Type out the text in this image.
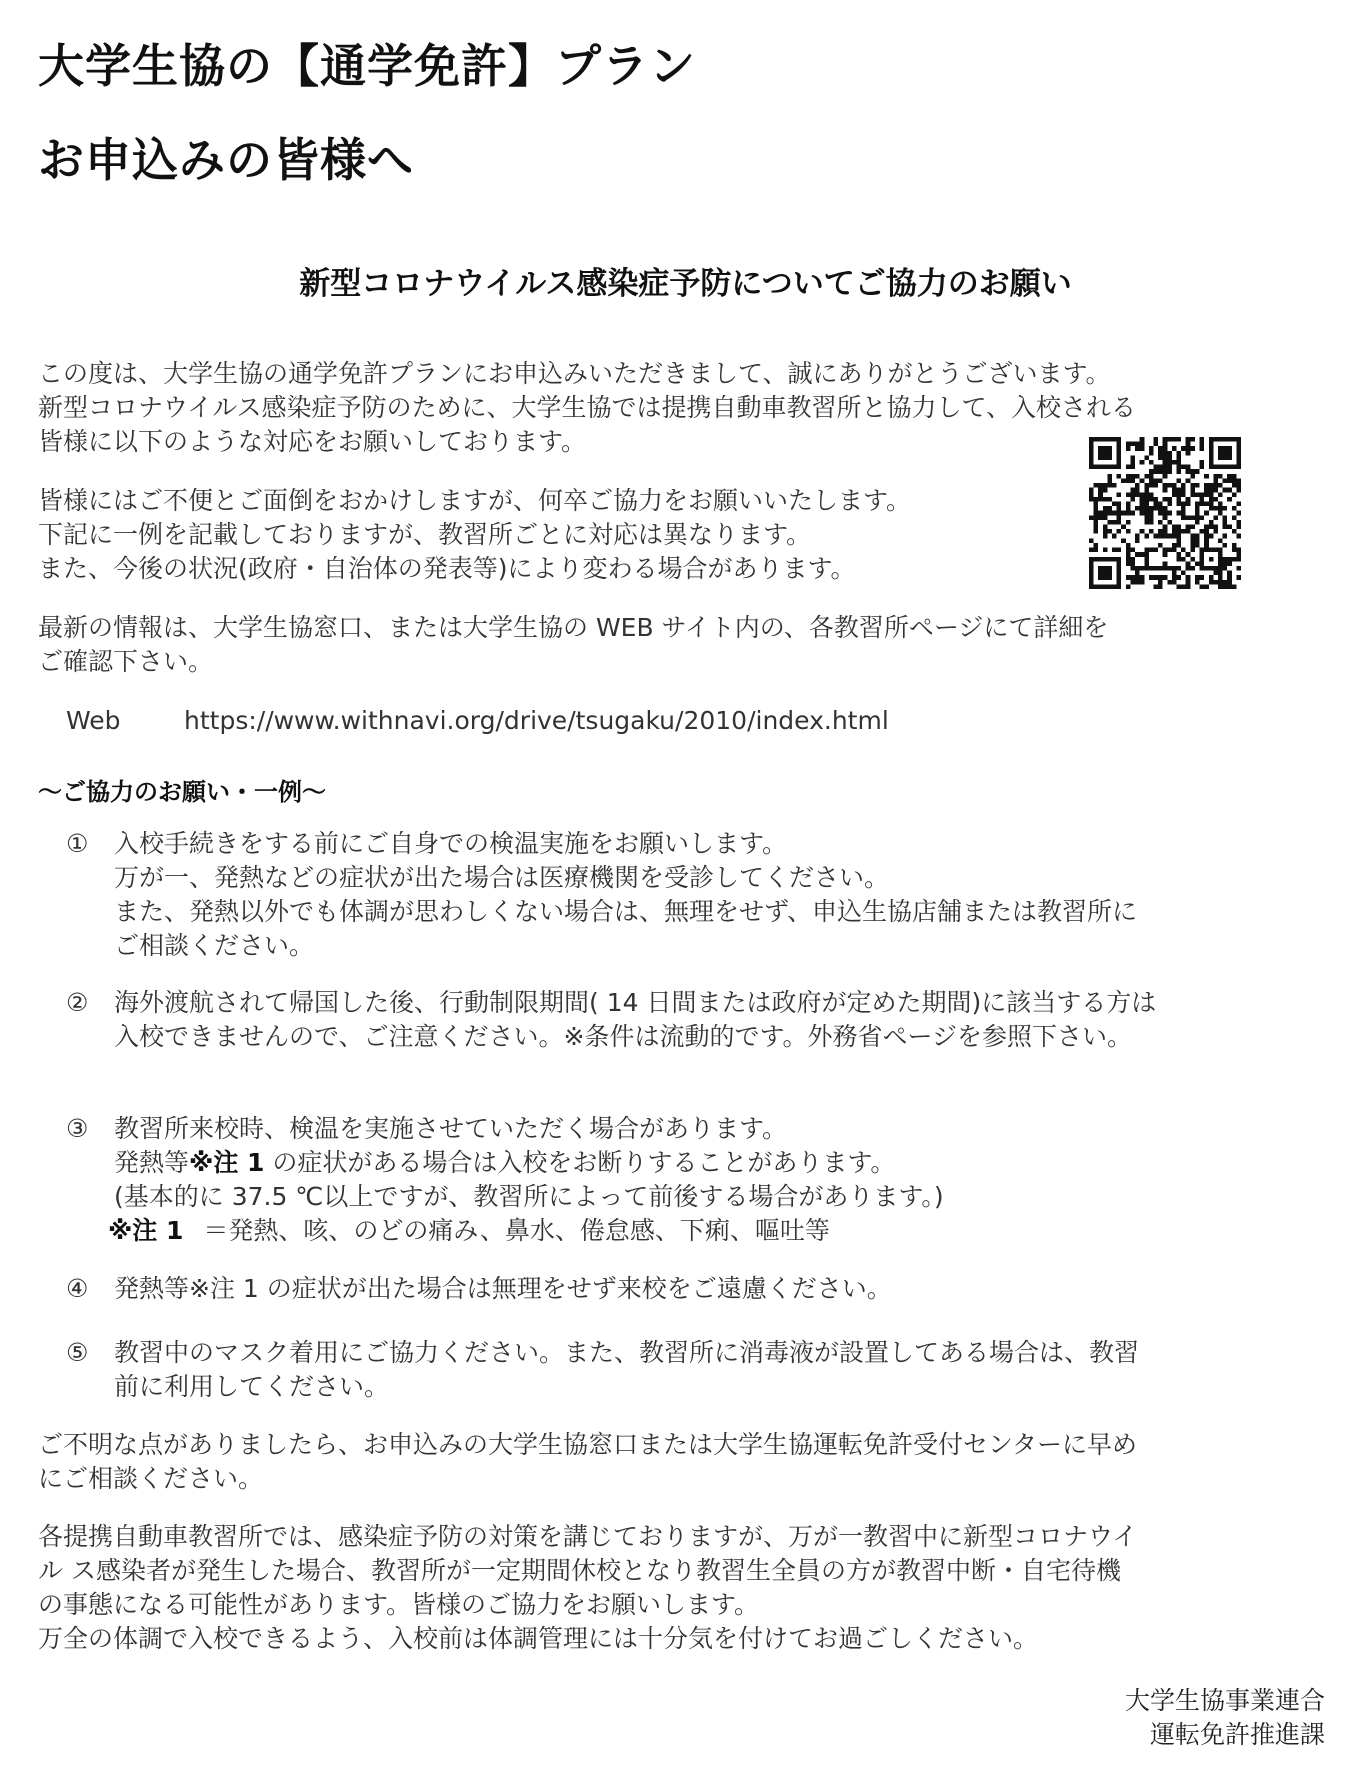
大学生協の【通学免許】プラン
お申込みの皆様へ
新型コロナウイルス感染症予防についてご協力のお願い
この度は、大学生協の通学免許プランにお申込みいただきまして、誠にありがとうございます。
新型コロナウイルス感染症予防のために、大学生協では提携自動車教習所と協力して、入校される
皆様に以下のような対応をお願いしております。
皆様にはご不便とご面倒をおかけしますが、何卒ご協力をお願いいたします。
下記に一例を記載しておりますが、教習所ごとに対応は異なります。
また、今後の状況(政府・自治体の発表等)により変わる場合があります。
最新の情報は、大学生協窓口、または大学生協の WEB サイト内の、各教習所ページにて詳細を
ご確認下さい。
Web	https://www.withnavi.org/drive/tsugaku/2010/index.html
～ご協力のお願い・一例～
①	入校手続きをする前にご自身での検温実施をお願いします。
万が一、発熱などの症状が出た場合は医療機関を受診してください。
また、発熱以外でも体調が思わしくない場合は、無理をせず、申込生協店舗または教習所に
ご相談ください。
②	海外渡航されて帰国した後、行動制限期間( 14 日間または政府が定めた期間)に該当する方は
入校できませんので、ご注意ください。※条件は流動的です。外務省ページを参照下さい。
③	教習所来校時、検温を実施させていただく場合があります。
発熱等※注 1 の症状がある場合は入校をお断りすることがあります。
(基本的に 37.5 ℃以上ですが、教習所によって前後する場合があります。)
※注 1 ＝発熱、咳、のどの痛み、鼻水、倦怠感、下痢、嘔吐等
④	発熱等※注 1 の症状が出た場合は無理をせず来校をご遠慮ください。
⑤	教習中のマスク着用にご協力ください。また、教習所に消毒液が設置してある場合は、教習
前に利用してください。
ご不明な点がありましたら、お申込みの大学生協窓口または大学生協運転免許受付センターに早め
にご相談ください。
各提携自動車教習所では、感染症予防の対策を講じておりますが、万が一教習中に新型コロナウイ
ル ス感染者が発生した場合、教習所が一定期間休校となり教習生全員の方が教習中断・自宅待機
の事態になる可能性があります。皆様のご協力をお願いします。
万全の体調で入校できるよう、入校前は体調管理には十分気を付けてお過ごしください。
大学生協事業連合
運転免許推進課
